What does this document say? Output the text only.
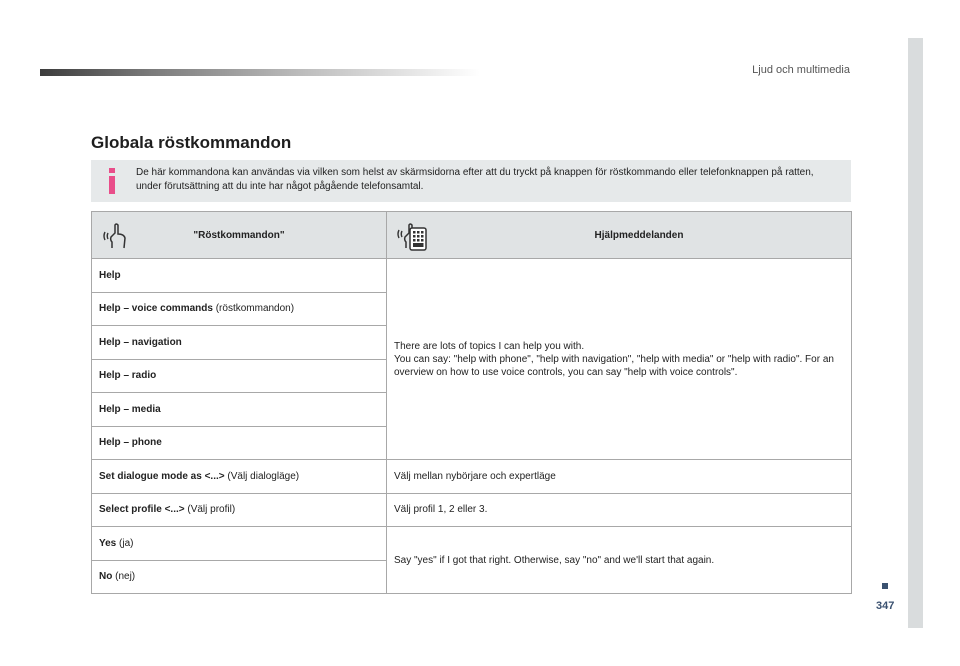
Ljud och multimedia
347
Globala röstkommandon
De här kommandona kan användas via vilken som helst av skärmsidorna efter att du tryckt på knappen för röstkommando eller telefonknappen på ratten, under förutsättning att du inte har något pågående telefonsamtal.
"Röstkommandon"	Hjälpmeddelanden

Help	There are lots of topics I can help you with.
You can say: "help with phone", "help with navigation", "help with media" or "help with radio". For an overview on how to use voice controls, you can say "help with voice controls".

Help – voice commands (röstkommandon)	
Help – navigation	
Help – radio	
Help – media	
Help – phone	
Set dialogue mode as <...> (Välj dialogläge)	Välj mellan nybörjare och expertläge
Select profile <...> (Välj profil)	Välj profil 1, 2 eller 3.
Yes (ja)	Say "yes" if I got that right. Otherwise, say "no" and we'll start that again.
No (nej)	
